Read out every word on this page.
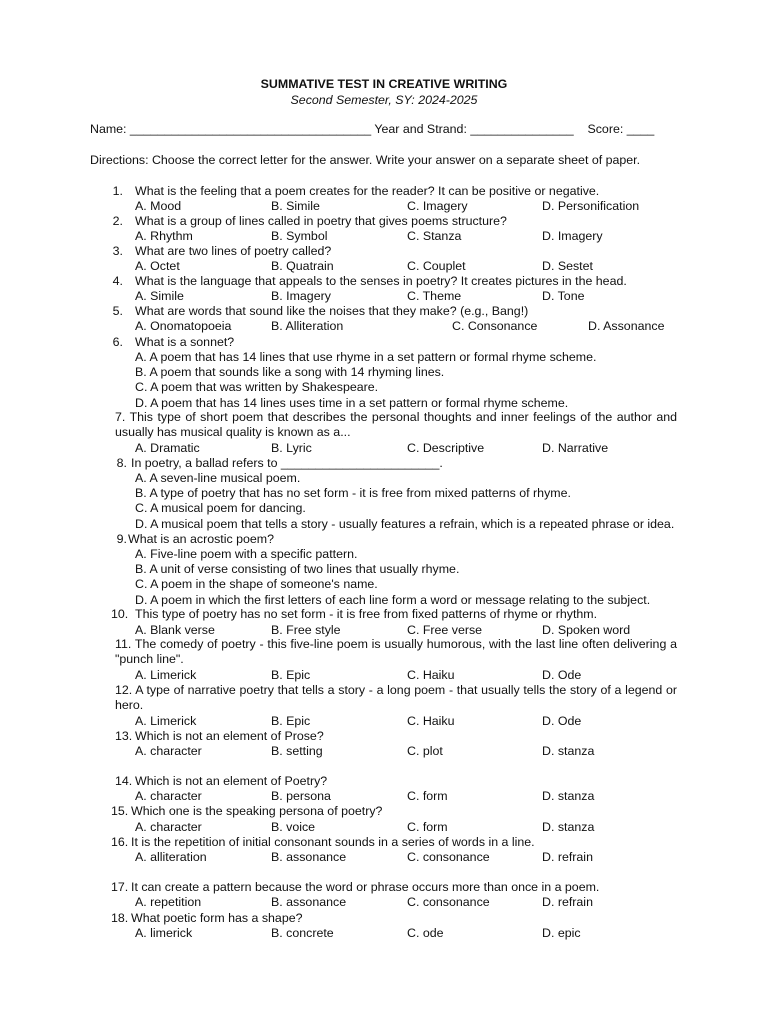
SUMMATIVE TEST IN CREATIVE WRITING
Second Semester, SY: 2024-2025
Name: ___________________________________ Year and Strand: _______________    Score: ____
Directions: Choose the correct letter for the answer. Write your answer on a separate sheet of paper.
1. What is the feeling that a poem creates for the reader? It can be positive or negative.
A. Mood	B. Simile	C. Imagery	D. Personification
2. What is a group of lines called in poetry that gives poems structure?
A. Rhythm	B. Symbol	C. Stanza	D. Imagery
3. What are two lines of poetry called?
A. Octet	B. Quatrain	C. Couplet	D. Sestet
4. What is the language that appeals to the senses in poetry? It creates pictures in the head.
A. Simile	B. Imagery	C. Theme	D. Tone
5. What are words that sound like the noises that they make? (e.g., Bang!)
A. Onomatopoeia	B. Alliteration	C. Consonance	D. Assonance
6. What is a sonnet?
A. A poem that has 14 lines that use rhyme in a set pattern or formal rhyme scheme.
B. A poem that sounds like a song with 14 rhyming lines.
C. A poem that was written by Shakespeare.
D. A poem that has 14 lines uses time in a set pattern or formal rhyme scheme.
7. This type of short poem that describes the personal thoughts and inner feelings of the author and usually has musical quality is known as a...
A. Dramatic	B. Lyric	C. Descriptive	D. Narrative
8. In poetry, a ballad refers to _______________________.
A. A seven-line musical poem.
B. A type of poetry that has no set form - it is free from mixed patterns of rhyme.
C. A musical poem for dancing.
D. A musical poem that tells a story - usually features a refrain, which is a repeated phrase or idea.
9. What is an acrostic poem?
A. Five-line poem with a specific pattern.
B. A unit of verse consisting of two lines that usually rhyme.
C. A poem in the shape of someone's name.
D. A poem in which the first letters of each line form a word or message relating to the subject.
10. This type of poetry has no set form - it is free from fixed patterns of rhyme or rhythm.
A. Blank verse	B. Free style	C. Free verse	D. Spoken word
11. The comedy of poetry - this five-line poem is usually humorous, with the last line often delivering a "punch line".
A. Limerick	B. Epic	C. Haiku	D. Ode
12. A type of narrative poetry that tells a story - a long poem - that usually tells the story of a legend or hero.
A. Limerick	B. Epic	C. Haiku	D. Ode
13. Which is not an element of Prose?
A. character	B. setting	C. plot	D. stanza
14. Which is not an element of Poetry?
A. character	B. persona	C. form	D. stanza
15. Which one is the speaking persona of poetry?
A. character	B. voice	C. form	D. stanza
16. It is the repetition of initial consonant sounds in a series of words in a line.
A. alliteration	B. assonance	C. consonance	D. refrain
17. It can create a pattern because the word or phrase occurs more than once in a poem.
A. repetition	B. assonance	C. consonance	D. refrain
18. What poetic form has a shape?
A. limerick	B. concrete	C. ode	D. epic
